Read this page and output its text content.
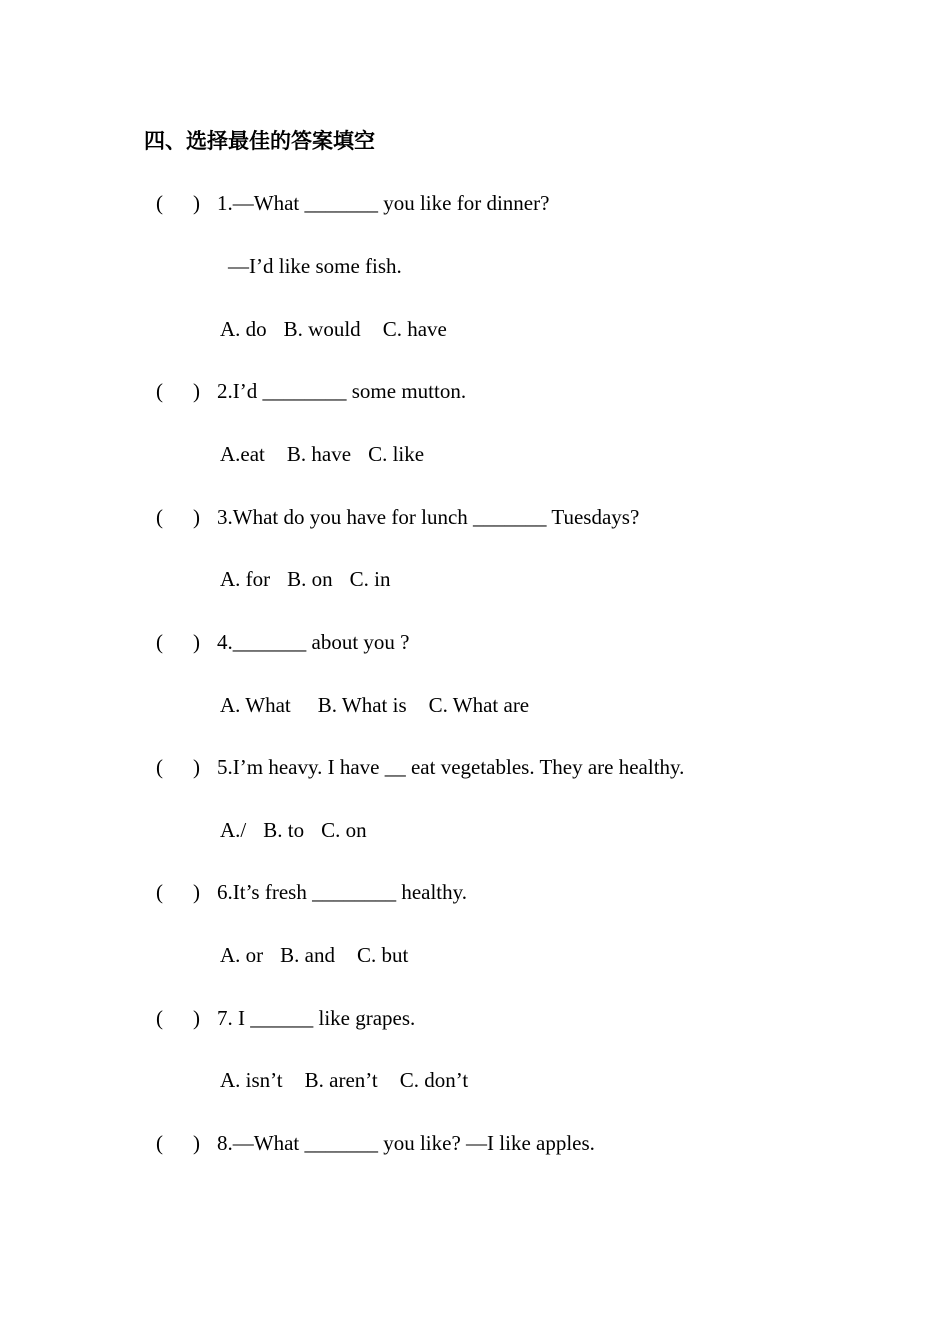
四、选择最佳的答案填空
( ) 1.—What _______ you like for dinner?
—I’d like some fish.
A. do B. would C. have
( ) 2.I’d ________ some mutton.
A.eat B. have C. like
( ) 3.What do you have for lunch _______ Tuesdays?
A. for B. on C. in
( ) 4._______ about you ?
A. What B. What is C. What are
( ) 5.I’m heavy. I have __ eat vegetables. They are healthy.
A./ B. to C. on
( ) 6.It’s fresh ________ healthy.
A. or B. and C. but
( ) 7. I ______ like grapes.
A. isn’t B. aren’t C. don’t
( ) 8.—What _______ you like? —I like apples.
